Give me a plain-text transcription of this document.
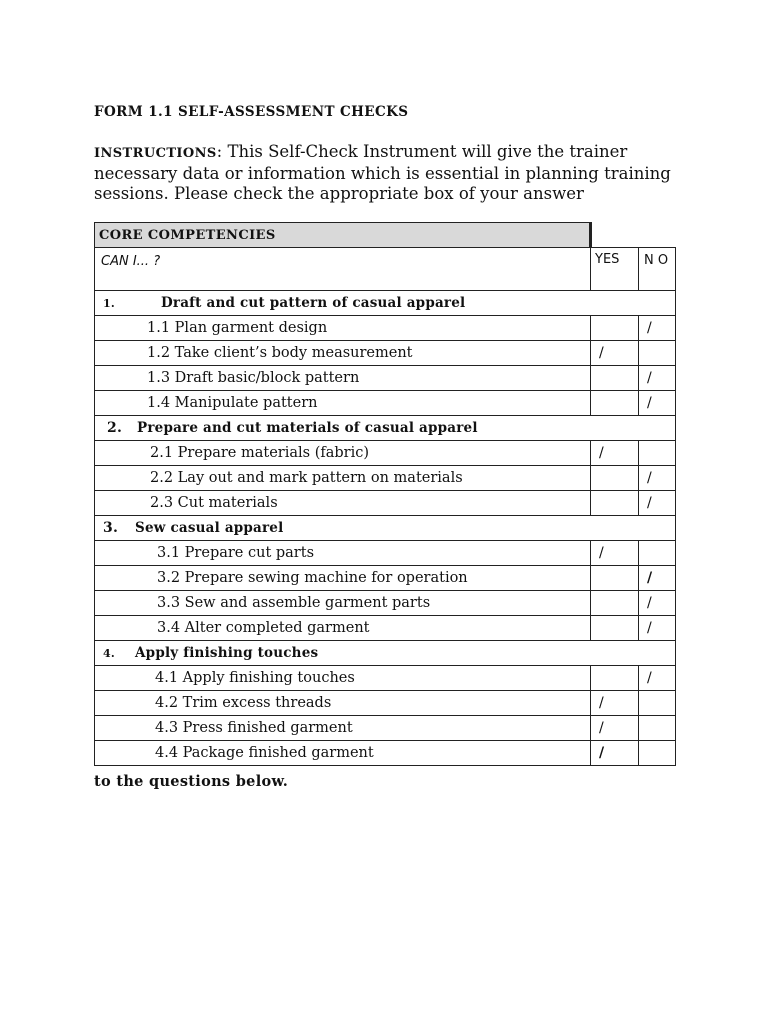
FORM 1.1 SELF-ASSESSMENT CHECKS
INSTRUCTIONS: This Self-Check Instrument will give the trainer necessary data or information which is essential in planning training sessions. Please check the appropriate box of your answer
CORE COMPETENCIES		
CAN I... ?	YES	N O
1. Draft and cut pattern of casual apparel		
1.1 Plan garment design		/
1.2 Take client’s body measurement	/	
1.3 Draft basic/block pattern		/
1.4 Manipulate pattern		/
2. Prepare and cut materials of casual apparel		
2.1 Prepare materials (fabric)	/	
2.2 Lay out and mark pattern on materials		/
2.3 Cut materials		/
3. Sew casual apparel		
3.1 Prepare cut parts	/	
3.2 Prepare sewing machine for operation		/
3.3 Sew and assemble garment parts		/
3.4 Alter completed garment		/
4. Apply finishing touches		
4.1 Apply finishing touches		/
4.2 Trim excess threads	/	
4.3 Press finished garment	/	
4.4 Package finished garment	/	
to the questions below.
